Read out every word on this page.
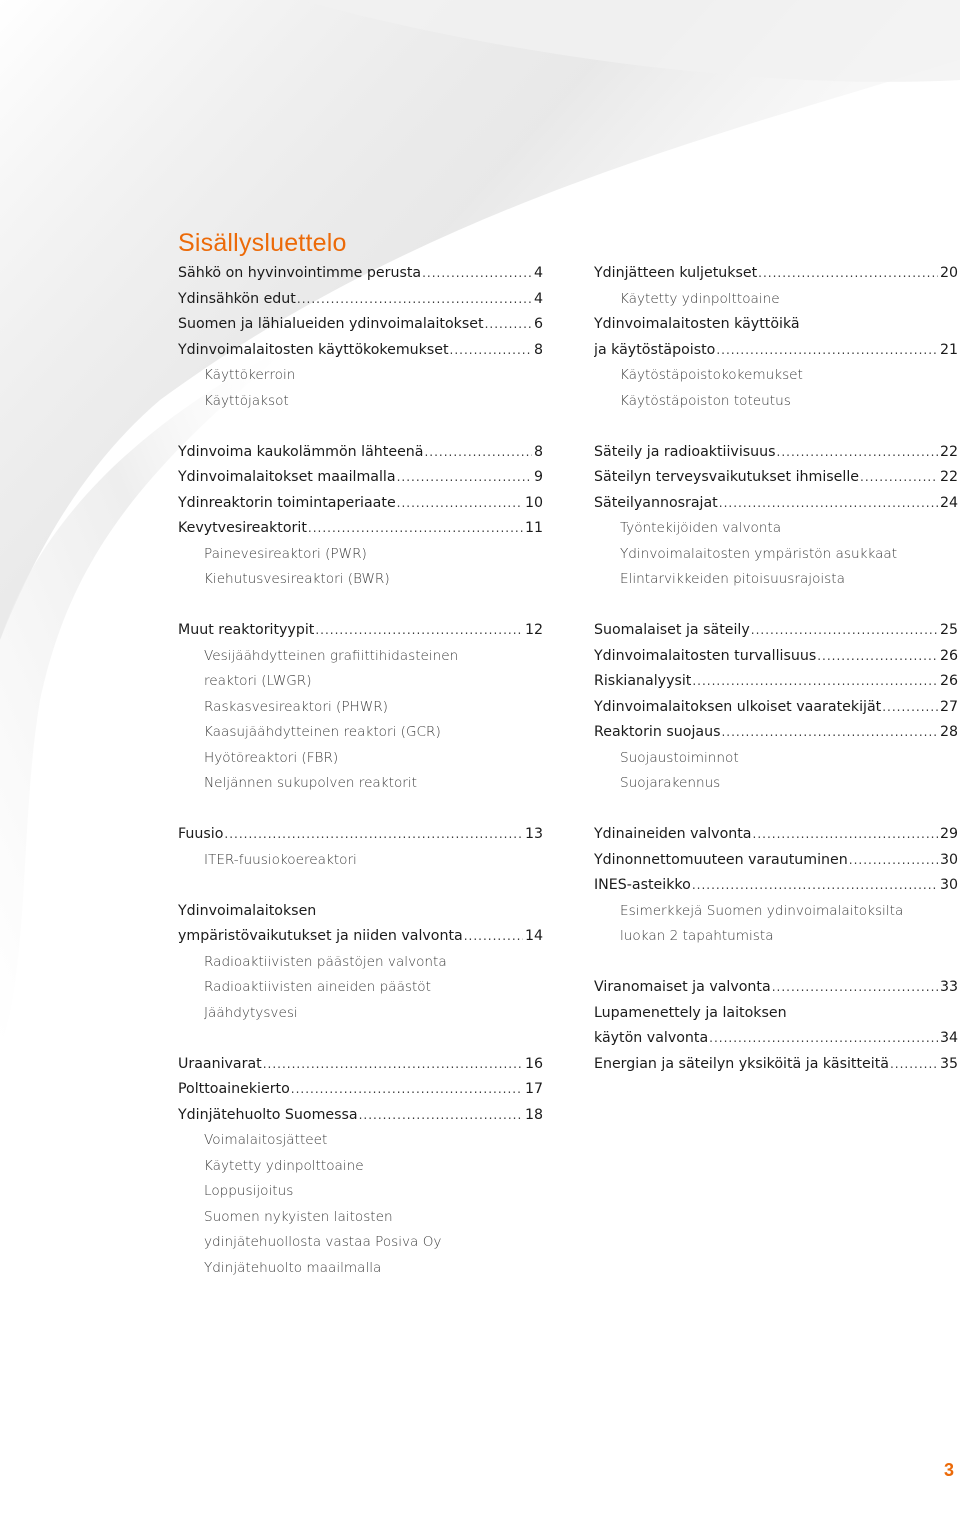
Sisällysluettelo
Sähkö on hyvinvointimme perusta .....	4
Ydinsähkön edut .....	4
Suomen ja lähialueiden ydinvoimalaitokset .....	6
Ydinvoimalaitosten käyttökokemukset .....	8
Käyttökerroin
Käyttöjaksot
Ydinvoima kaukolämmön lähteenä .....	8
Ydinvoimalaitokset maailmalla .....	9
Ydinreaktorin toimintaperiaate .....	10
Kevytvesireaktorit .....	11
Painevesireaktori (PWR)
Kiehutusvesireaktori (BWR)
Muut reaktorityypit .....	12
Vesijäähdytteinen grafiittihidasteinen
reaktori (LWGR)
Raskasvesireaktori (PHWR)
Kaasujäähdytteinen reaktori (GCR)
Hyötöreaktori (FBR)
Neljännen sukupolven reaktorit
Fuusio .....	13
ITER-fuusiokoereaktori
Ydinvoimalaitoksen
ympäristövaikutukset ja niiden valvonta .....	14
Radioaktiivisten päästöjen valvonta
Radioaktiivisten aineiden päästöt
Jäähdytysvesi
Uraanivarat .....	16
Polttoainekierto .....	17
Ydinjätehuolto Suomessa .....	18
Voimalaitosjätteet
Käytetty ydinpolttoaine
Loppusijoitus
Suomen nykyisten laitosten
ydinjätehuollosta vastaa Posiva Oy
Ydinjätehuolto maailmalla
Ydinjätteen kuljetukset .....	20
Käytetty ydinpolttoaine
Ydinvoimalaitosten käyttöikä
ja käytöstäpoisto .....	21
Käytöstäpoistokokemukset
Käytöstäpoiston toteutus
Säteily ja radioaktiivisuus .....	22
Säteilyn terveysvaikutukset ihmiselle .....	22
Säteilyannosrajat .....	24
Työntekijöiden valvonta
Ydinvoimalaitosten ympäristön asukkaat
Elintarvikkeiden pitoisuusrajoista
Suomalaiset ja säteily .....	25
Ydinvoimalaitosten turvallisuus .....	26
Riskianalyysit .....	26
Ydinvoimalaitoksen ulkoiset vaaratekijät .....	27
Reaktorin suojaus .....	28
Suojaustoiminnot
Suojarakennus
Ydinaineiden valvonta .....	29
Ydinonnettomuuteen varautuminen .....	30
INES-asteikko .....	30
Esimerkkejä Suomen ydinvoimalaitoksilta
luokan 2 tapahtumista
Viranomaiset ja valvonta .....	33
Lupamenettely ja laitoksen
käytön valvonta .....	34
Energian ja säteilyn yksiköitä ja käsitteitä .....	35
3
